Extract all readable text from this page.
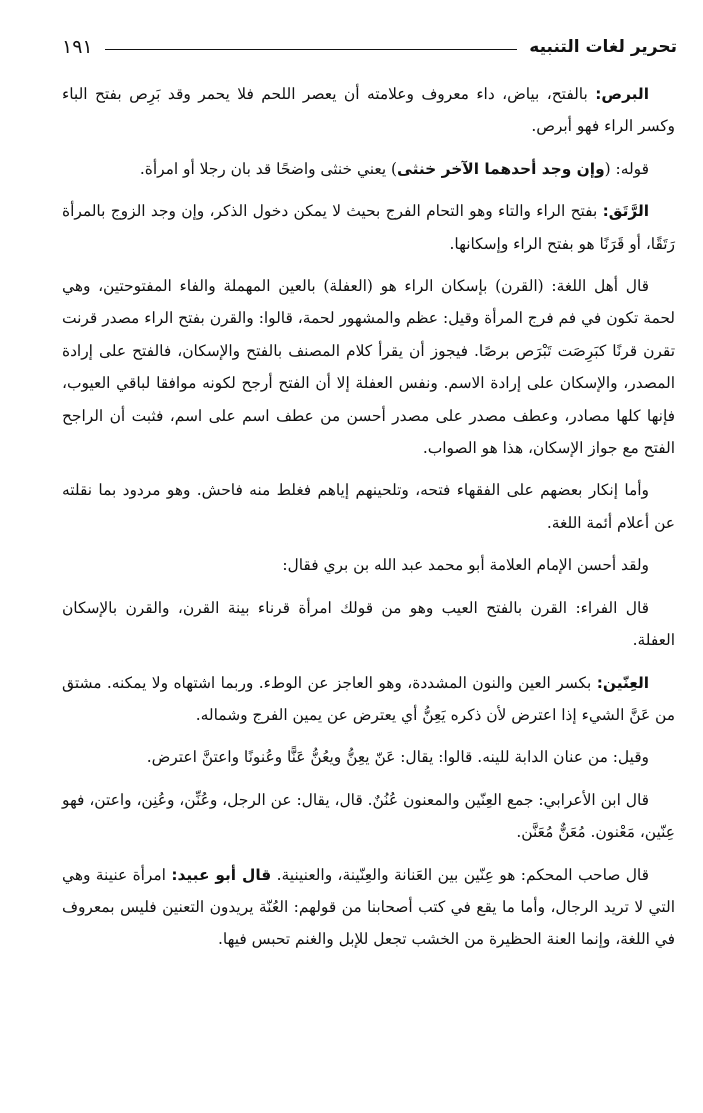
تحرير لغات التنبيه
١٩١

البرص: بالفتح، بياض، داء معروف وعلامته أن يعصر اللحم فلا يحمر وقد بَرِص بفتح الباء وكسر الراء فهو أبرص.

قوله: (وإن وجد أحدهما الآخر خنثى) يعني خنثى واضحًا قد بان رجلا أو امرأة.

الرَّتَق: بفتح الراء والتاء وهو التحام الفرج بحيث لا يمكن دخول الذكر، وإن وجد الزوج بالمرأة رَتَقًا، أو قَرَنًا هو بفتح الراء وإسكانها.

قال أهل اللغة: (القرن) بإسكان الراء هو (العفلة) بالعين المهملة والفاء المفتوحتين، وهي لحمة تكون في فم فرج المرأة وقيل: عظم والمشهور لحمة، قالوا: والقرن بفتح الراء مصدر قرنت تقرن قرنًا كبَرِصَت تَبْرَص برصًا. فيجوز أن يقرأ كلام المصنف بالفتح والإسكان، فالفتح على إرادة المصدر، والإسكان على إرادة الاسم. ونفس العفلة إلا أن الفتح أرجح لكونه موافقا لباقي العيوب، فإنها كلها مصادر، وعطف مصدر على مصدر أحسن من عطف اسم على اسم، فثبت أن الراجح الفتح مع جواز الإسكان، هذا هو الصواب.

وأما إنكار بعضهم على الفقهاء فتحه، وتلحينهم إياهم فغلط منه فاحش. وهو مردود بما نقلته عن أعلام أئمة اللغة.

ولقد أحسن الإمام العلامة أبو محمد عبد الله بن بري فقال:

قال الفراء: القرن بالفتح العيب وهو من قولك امرأة قرناء بينة القرن، والقرن بالإسكان العفلة.

العِنّين: بكسر العين والنون المشددة، وهو العاجز عن الوطء. وربما اشتهاه ولا يمكنه. مشتق من عَنَّ الشيء إذا اعترض لأن ذكره يَعِنُّ أي يعترض عن يمين الفرج وشماله.

وقيل: من عنان الدابة للينه. قالوا: يقال: عَنّ يعِنُّ ويعُنُّ عَنًّا وعُنونًا واعتنَّ اعترض.

قال ابن الأعرابي: جمع العِنّين والمعنون عُنُنٌ. قال، يقال: عن الرجل، وعُنِّن، وعُنِن، واعتن، فهو عِنّين، مَعْنون. مُعَنٌّ مُعَنَّن.

قال صاحب المحكم: هو عِنّين بين العَنانة والعِنّينة، والعنينية. قال أبو عبيد: امرأة عنينة وهي التي لا تريد الرجال، وأما ما يقع في كتب أصحابنا من قولهم: العُنّة يريدون التعنين فليس بمعروف في اللغة، وإنما العنة الحظيرة من الخشب تجعل للإبل والغنم تحبس فيها.
